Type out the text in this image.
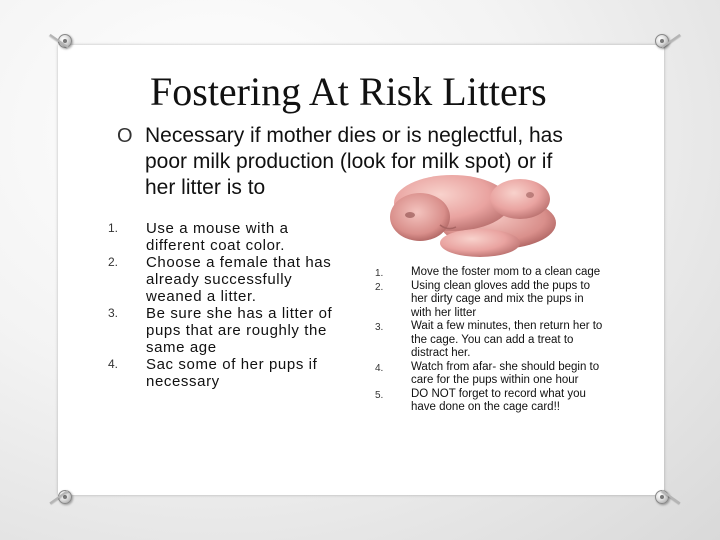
Fostering At Risk Litters
O Necessary if mother dies or is neglectful, has poor milk production (look for milk spot) or if her litter is to
1. Use a mouse with a different coat color.
2. Choose a female that has already successfully weaned a litter.
3. Be sure she has a litter of pups that are roughly the same age
4. Sac some of her pups if necessary
1. Move the foster mom to a clean cage
2. Using clean gloves add the pups to her dirty cage and mix the pups in with her litter
3. Wait a few minutes, then return her to the cage. You can add a treat to distract her.
4. Watch from afar- she should begin to care for the pups within one hour
5. DO NOT forget to record what you have done on the cage card!!
